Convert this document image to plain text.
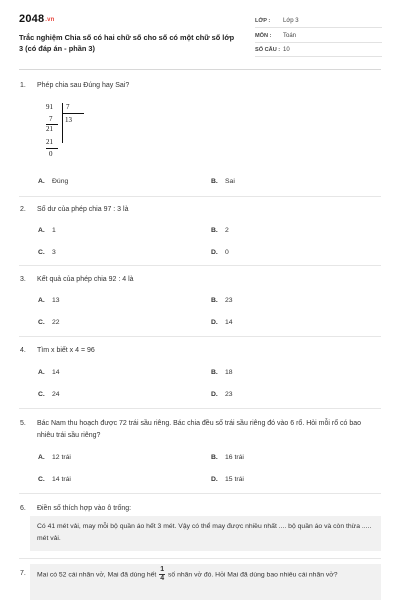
2048.vn
Trắc nghiệm Chia số có hai chữ số cho số có một chữ số lớp 3 (có đáp án - phần 3)
LỚP : Lớp 3
MÔN : Toán
SỐ CÂU : 10
1. Phép chia sau Đúng hay Sai?
91 7
7 13
21
21
0
A. Đúng	B. Sai
2. Số dư của phép chia 97 : 3 là
A. 1	B. 2
C. 3	D. 0
3. Kết quả của phép chia 92 : 4 là
A. 13	B. 23
C. 22	D. 14
4. Tìm x biết x 4 = 96
A. 14	B. 18
C. 24	D. 23
5. Bác Nam thu hoạch được 72 trái sầu riêng. Bác chia đều số trái sầu riêng đó vào 6 rổ. Hỏi mỗi rổ có bao nhiêu trái sầu riêng?
A. 12 trái	B. 16 trái
C. 14 trái	D. 15 trái
6. Điền số thích hợp vào ô trống:
Có 41 mét vải, may mỗi bộ quần áo hết 3 mét. Vậy có thể may được nhiều nhất .... bộ quần áo và còn thừa ..... mét vải.
7. Mai có 52 cái nhãn vở, Mai đã dùng hết $\frac{1}{4}$ số nhãn vở đó. Hỏi Mai đã dùng bao nhiêu cái nhãn vở?
